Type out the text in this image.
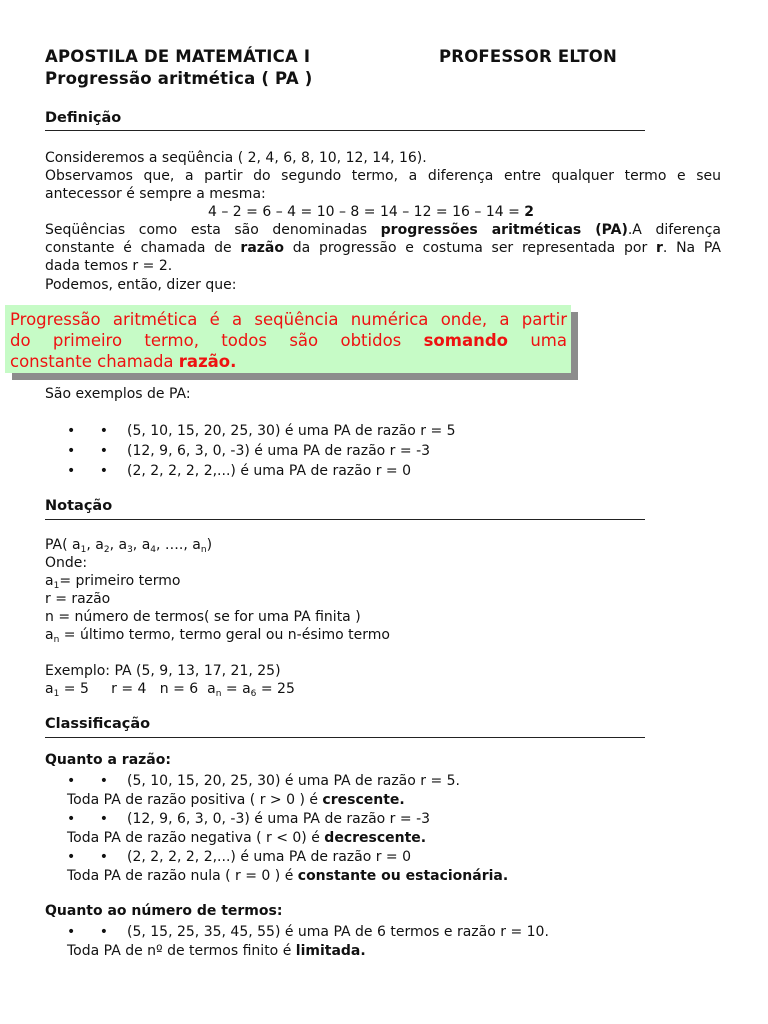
APOSTILA DE MATEMÁTICA I	PROFESSOR ELTON
Progressão aritmética ( PA )
Definição
Consideremos a seqüência ( 2, 4, 6, 8, 10, 12, 14, 16).
Observamos que, a partir do segundo termo, a diferença entre qualquer termo e seu
antecessor é sempre a mesma:
4 – 2 = 6 – 4 = 10 – 8 = 14 – 12 = 16 – 14 = 2
Seqüências como esta são denominadas progressões aritméticas (PA).A diferença
constante é chamada de razão da progressão e costuma ser representada por r. Na PA
dada temos r = 2.
Podemos, então, dizer que:
Progressão aritmética é a seqüência numérica onde, a partir
do primeiro termo, todos são obtidos somando uma
constante chamada razão.
São exemplos de PA:
• • (5, 10, 15, 20, 25, 30) é uma PA de razão r = 5
• • (12, 9, 6, 3, 0, -3) é uma PA de razão r = -3
• • (2, 2, 2, 2, 2,...) é uma PA de razão r = 0
Notação
PA( $a_1$, $a_2$, $a_3$, $a_4$, …., $a_n$)
Onde:
$a_1=$ primeiro termo
r = razão
n = número de termos( se for uma PA finita )
$a_n$ = último termo, termo geral ou n-ésimo termo
Exemplo: PA (5, 9, 13, 17, 21, 25)
$a_1 = 5$ r = 4 n = 6 $a_n = a_6 = 25$
Classificação
Quanto a razão:
• • (5, 10, 15, 20, 25, 30) é uma PA de razão r = 5.
Toda PA de razão positiva ( r > 0 ) é crescente.
• • (12, 9, 6, 3, 0, -3) é uma PA de razão r = -3
Toda PA de razão negativa ( r < 0) é decrescente.
• • (2, 2, 2, 2, 2,...) é uma PA de razão r = 0
Toda PA de razão nula ( r = 0 ) é constante ou estacionária.
Quanto ao número de termos:
• • (5, 15, 25, 35, 45, 55) é uma PA de 6 termos e razão r = 10.
Toda PA de nº de termos finito é limitada.
